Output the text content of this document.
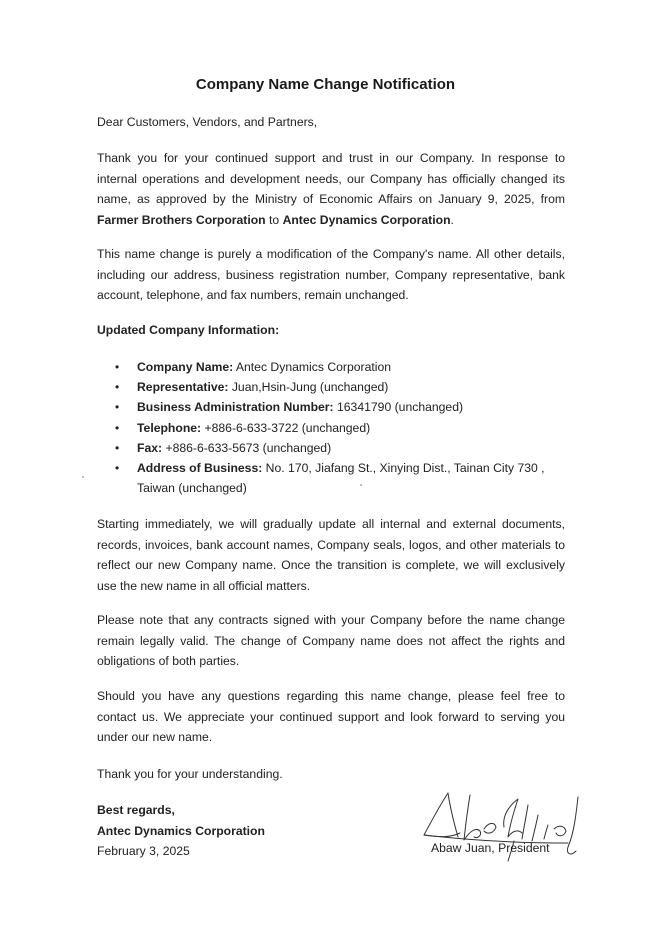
Company Name Change Notification
Dear Customers, Vendors, and Partners,
Thank you for your continued support and trust in our Company. In response to internal operations and development needs, our Company has officially changed its name, as approved by the Ministry of Economic Affairs on January 9, 2025, from Farmer Brothers Corporation to Antec Dynamics Corporation.
This name change is purely a modification of the Company's name. All other details, including our address, business registration number, Company representative, bank account, telephone, and fax numbers, remain unchanged.
Updated Company Information:
• Company Name: Antec Dynamics Corporation
• Representative: Juan,Hsin-Jung (unchanged)
• Business Administration Number: 16341790 (unchanged)
• Telephone: +886-6-633-3722 (unchanged)
• Fax: +886-6-633-5673 (unchanged)
• Address of Business: No. 170, Jiafang St., Xinying Dist., Tainan City 730 , Taiwan (unchanged)
Starting immediately, we will gradually update all internal and external documents, records, invoices, bank account names, Company seals, logos, and other materials to reflect our new Company name. Once the transition is complete, we will exclusively use the new name in all official matters.
Please note that any contracts signed with your Company before the name change remain legally valid. The change of Company name does not affect the rights and obligations of both parties.
Should you have any questions regarding this name change, please feel free to contact us. We appreciate your continued support and look forward to serving you under our new name.
Thank you for your understanding.
Best regards,
Antec Dynamics Corporation
February 3, 2025	Abaw Juan, President
